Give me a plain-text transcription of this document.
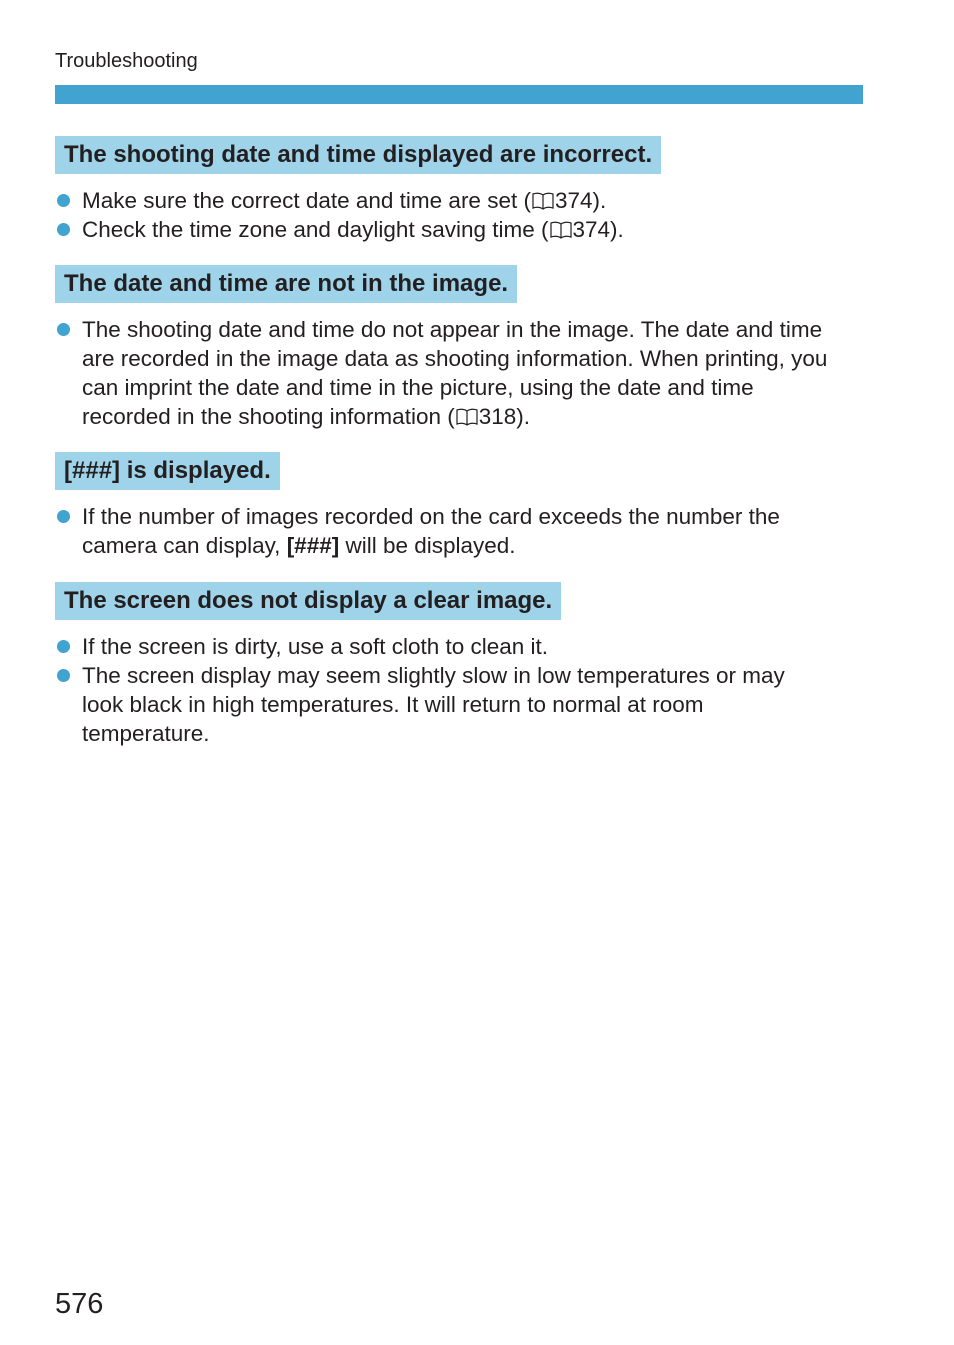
Troubleshooting
The shooting date and time displayed are incorrect.
Make sure the correct date and time are set ( 374).
Check the time zone and daylight saving time ( 374).
The date and time are not in the image.
The shooting date and time do not appear in the image. The date and time are recorded in the image data as shooting information. When printing, you can imprint the date and time in the picture, using the date and time recorded in the shooting information ( 318).
[###] is displayed.
If the number of images recorded on the card exceeds the number the camera can display, [###] will be displayed.
The screen does not display a clear image.
If the screen is dirty, use a soft cloth to clean it.
The screen display may seem slightly slow in low temperatures or may look black in high temperatures. It will return to normal at room temperature.
576
